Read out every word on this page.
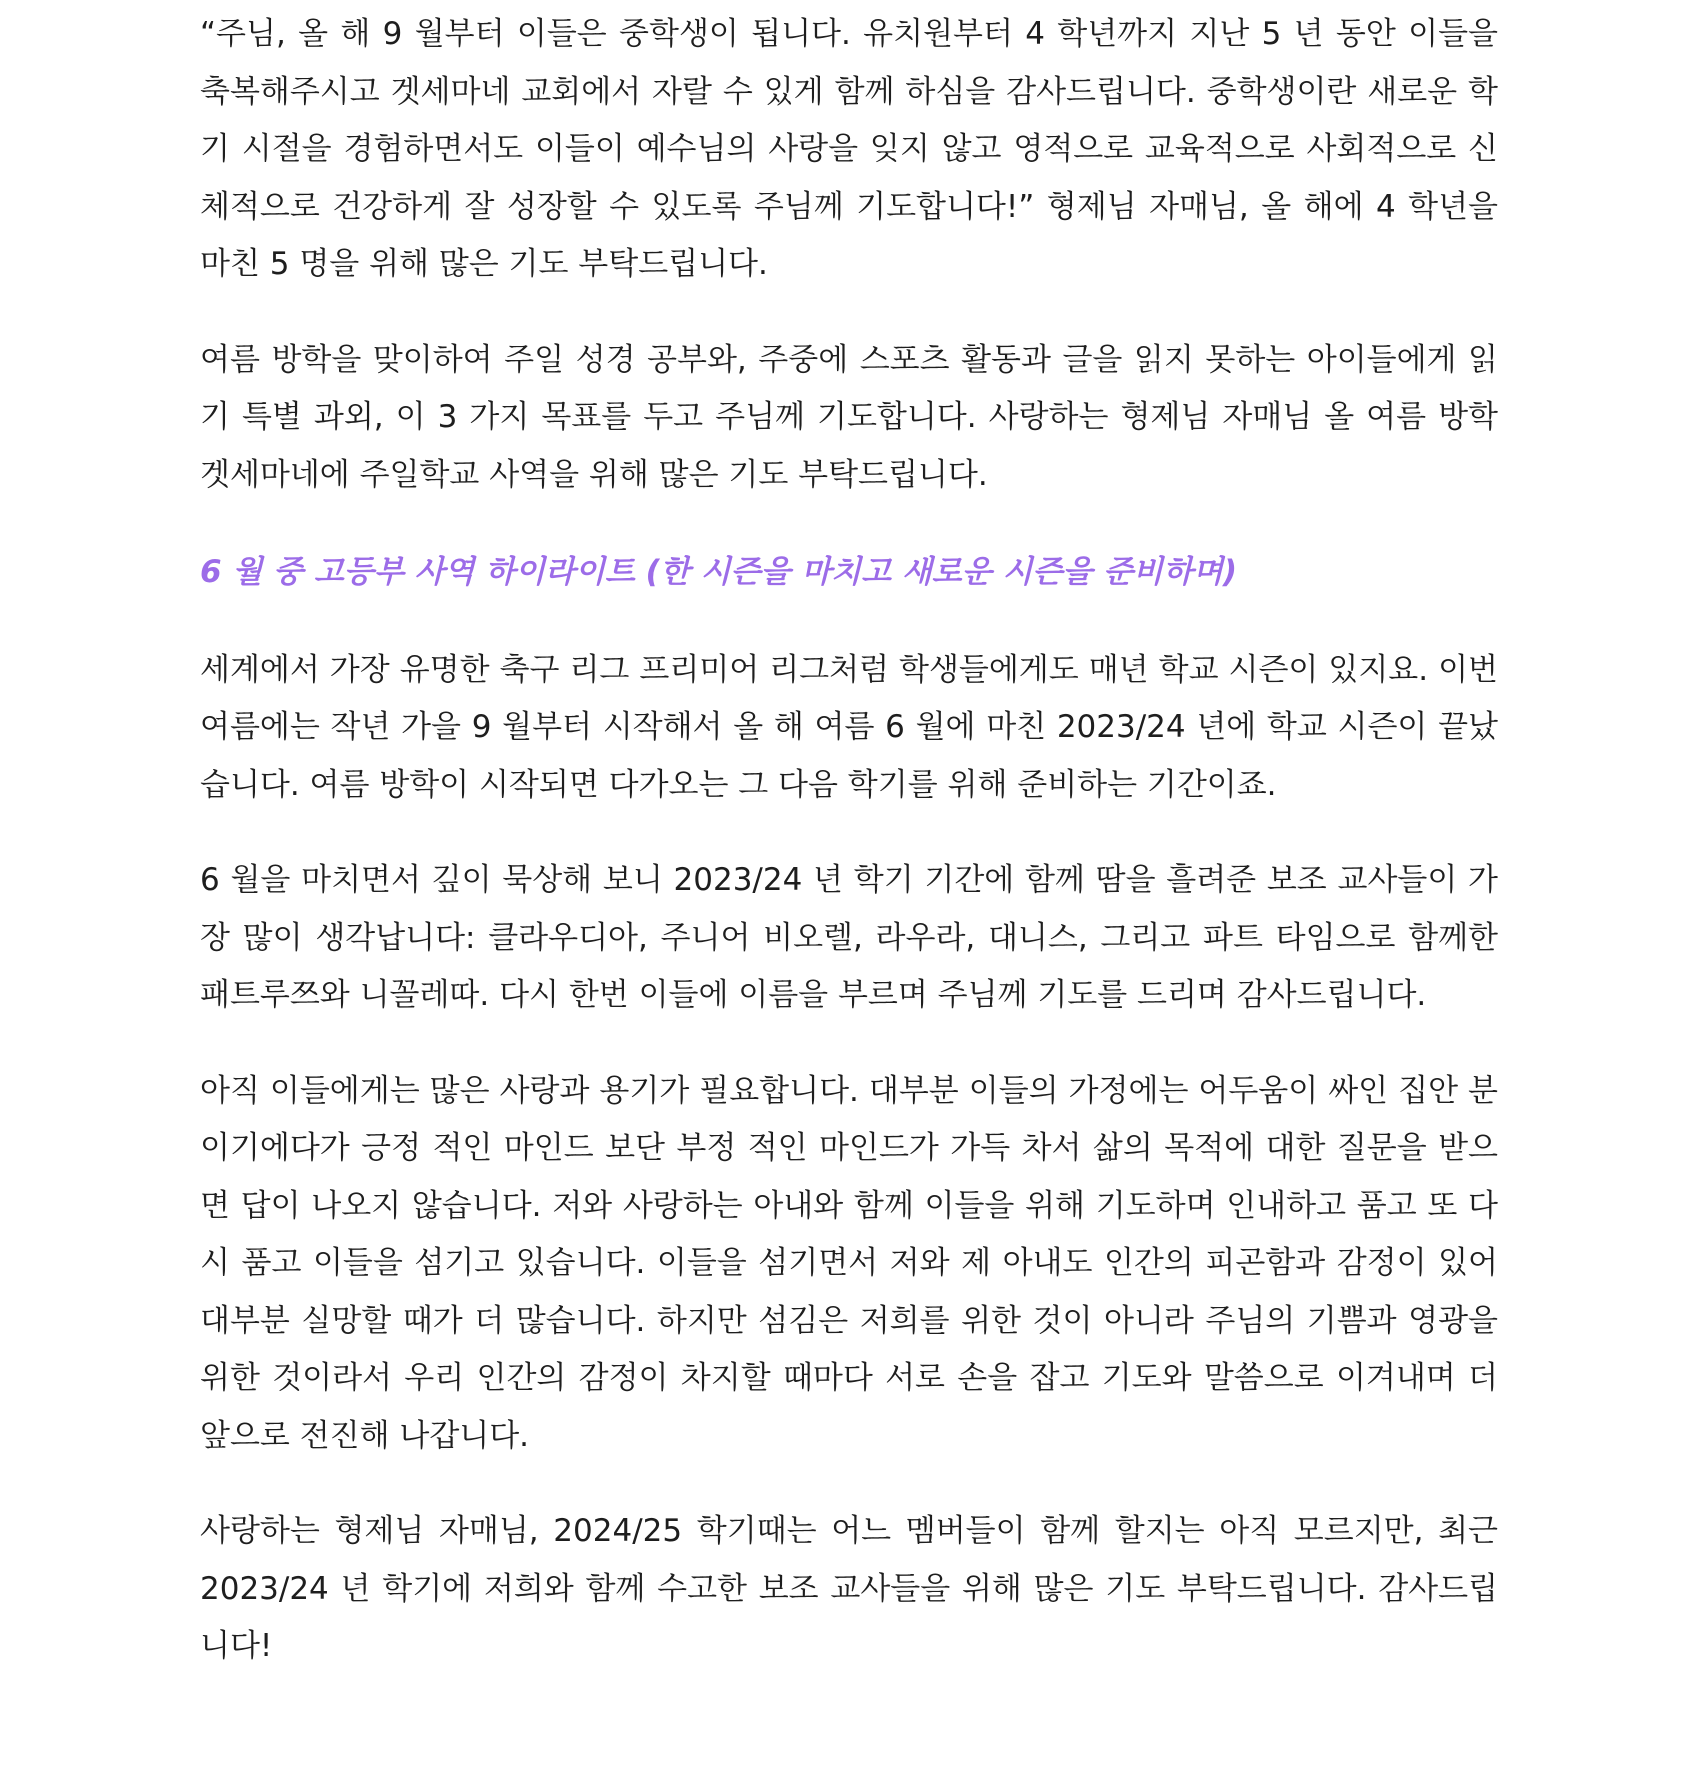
“주님, 올 해 9 월부터 이들은 중학생이 됩니다. 유치원부터 4 학년까지 지난 5 년 동안 이들을 축복해주시고 겟세마네 교회에서 자랄 수 있게 함께 하심을 감사드립니다. 중학생이란 새로운 학기 시절을 경험하면서도 이들이 예수님의 사랑을 잊지 않고 영적으로 교육적으로 사회적으로 신체적으로 건강하게 잘 성장할 수 있도록 주님께 기도합니다!” 형제님 자매님, 올 해에 4 학년을 마친 5 명을 위해 많은 기도 부탁드립니다.

여름 방학을 맞이하여 주일 성경 공부와, 주중에 스포츠 활동과 글을 읽지 못하는 아이들에게 읽기 특별 과외, 이 3 가지 목표를 두고 주님께 기도합니다. 사랑하는 형제님 자매님 올 여름 방학 겟세마네에 주일학교 사역을 위해 많은 기도 부탁드립니다.

6 월 중 고등부 사역 하이라이트 (한 시즌을 마치고 새로운 시즌을 준비하며)

세계에서 가장 유명한 축구 리그 프리미어 리그처럼 학생들에게도 매년 학교 시즌이 있지요. 이번 여름에는 작년 가을 9 월부터 시작해서 올 해 여름 6 월에 마친 2023/24 년에 학교 시즌이 끝났습니다. 여름 방학이 시작되면 다가오는 그 다음 학기를 위해 준비하는 기간이죠.

6 월을 마치면서 깊이 묵상해 보니 2023/24 년 학기 기간에 함께 땀을 흘려준 보조 교사들이 가장 많이 생각납니다: 클라우디아, 주니어 비오렐, 라우라, 대니스, 그리고 파트 타임으로 함께한 패트루쯔와 니꼴레따. 다시 한번 이들에 이름을 부르며 주님께 기도를 드리며 감사드립니다.

아직 이들에게는 많은 사랑과 용기가 필요합니다. 대부분 이들의 가정에는 어두움이 싸인 집안 분이기에다가 긍정 적인 마인드 보단 부정 적인 마인드가 가득 차서 삶의 목적에 대한 질문을 받으면 답이 나오지 않습니다. 저와 사랑하는 아내와 함께 이들을 위해 기도하며 인내하고 품고 또 다시 품고 이들을 섬기고 있습니다. 이들을 섬기면서 저와 제 아내도 인간의 피곤함과 감정이 있어 대부분 실망할 때가 더 많습니다. 하지만 섬김은 저희를 위한 것이 아니라 주님의 기쁨과 영광을 위한 것이라서 우리 인간의 감정이 차지할 때마다 서로 손을 잡고 기도와 말씀으로 이겨내며 더 앞으로 전진해 나갑니다.

사랑하는 형제님 자매님, 2024/25 학기때는 어느 멤버들이 함께 할지는 아직 모르지만, 최근 2023/24 년 학기에 저희와 함께 수고한 보조 교사들을 위해 많은 기도 부탁드립니다. 감사드립니다!
